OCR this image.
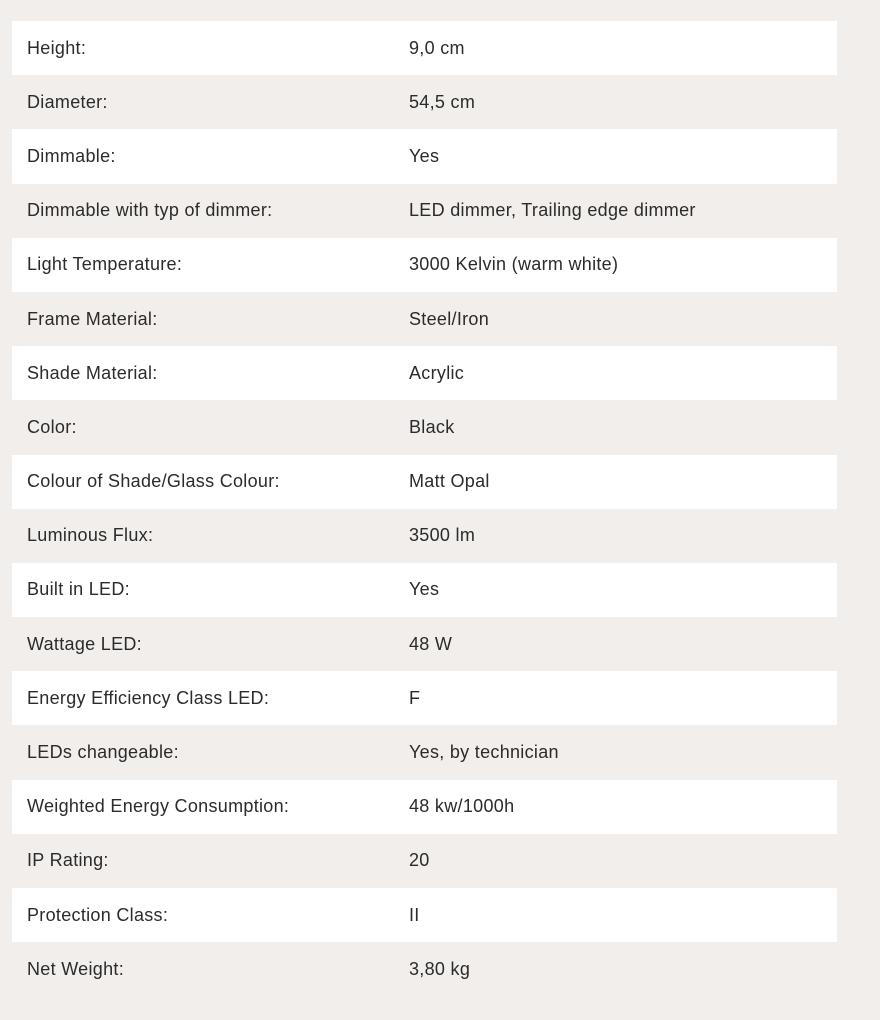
Height:	9,0 cm
Diameter:	54,5 cm
Dimmable:	Yes
Dimmable with typ of dimmer:	LED dimmer, Trailing edge dimmer
Light Temperature:	3000 Kelvin (warm white)
Frame Material:	Steel/Iron
Shade Material:	Acrylic
Color:	Black
Colour of Shade/Glass Colour:	Matt Opal
Luminous Flux:	3500 lm
Built in LED:	Yes
Wattage LED:	48 W
Energy Efficiency Class LED:	F
LEDs changeable:	Yes, by technician
Weighted Energy Consumption:	48 kw/1000h
IP Rating:	20
Protection Class:	II
Net Weight:	3,80 kg
